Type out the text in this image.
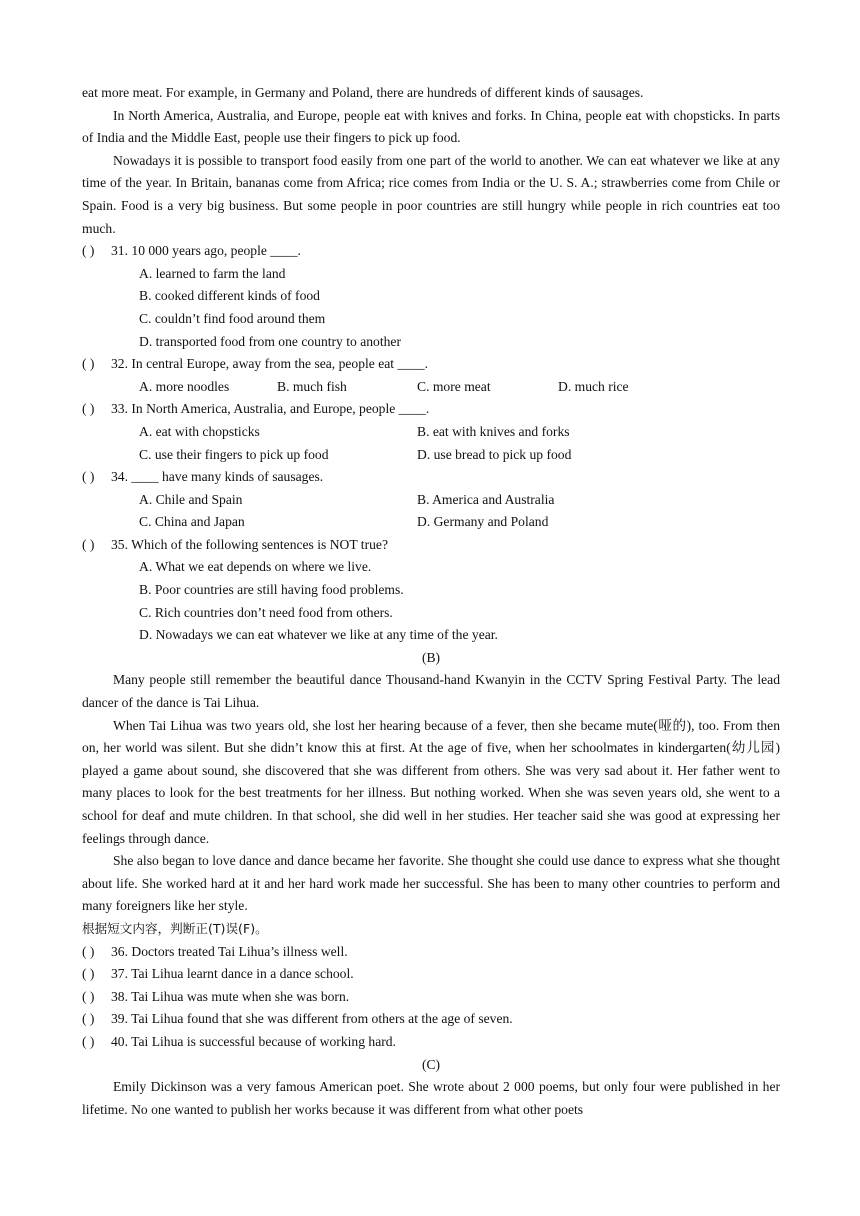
eat more meat. For example, in Germany and Poland, there are hundreds of different kinds of sausages.

In North America, Australia, and Europe, people eat with knives and forks. In China, people eat with chopsticks. In parts of India and the Middle East, people use their fingers to pick up food.

Nowadays it is possible to transport food easily from one part of the world to another. We can eat whatever we like at any time of the year. In Britain, bananas come from Africa; rice comes from India or the U. S. A.; strawberries come from Chile or Spain. Food is a very big business. But some people in poor countries are still hungry while people in rich countries eat too much.

( ) 31. 10 000 years ago, people ____.
A. learned to farm the land
B. cooked different kinds of food
C. couldn’t find food around them
D. transported food from one country to another
( ) 32. In central Europe, away from the sea, people eat ____.
A. more noodles	B. much fish	C. more meat	D. much rice
( ) 33. In North America, Australia, and Europe, people ____.
A. eat with chopsticks	B. eat with knives and forks
C. use their fingers to pick up food	D. use bread to pick up food
( ) 34. ____ have many kinds of sausages.
A. Chile and Spain	B. America and Australia
C. China and Japan	D. Germany and Poland
( ) 35. Which of the following sentences is NOT true?
A. What we eat depends on where we live.
B. Poor countries are still having food problems.
C. Rich countries don’t need food from others.
D. Nowadays we can eat whatever we like at any time of the year.

(B)

Many people still remember the beautiful dance Thousand-hand Kwanyin in the CCTV Spring Festival Party. The lead dancer of the dance is Tai Lihua.

When Tai Lihua was two years old, she lost her hearing because of a fever, then she became mute(哑的), too. From then on, her world was silent. But she didn’t know this at first. At the age of five, when her schoolmates in kindergarten(幼儿园) played a game about sound, she discovered that she was different from others. She was very sad about it. Her father went to many places to look for the best treatments for her illness. But nothing worked. When she was seven years old, she went to a school for deaf and mute children. In that school, she did well in her studies. Her teacher said she was good at expressing her feelings through dance.

She also began to love dance and dance became her favorite. She thought she could use dance to express what she thought about life. She worked hard at it and her hard work made her successful. She has been to many other countries to perform and many foreigners like her style.

根据短文内容，判断正(T)误(F)。

( ) 36. Doctors treated Tai Lihua’s illness well.
( ) 37. Tai Lihua learnt dance in a dance school.
( ) 38. Tai Lihua was mute when she was born.
( ) 39. Tai Lihua found that she was different from others at the age of seven.
( ) 40. Tai Lihua is successful because of working hard.

(C)

Emily Dickinson was a very famous American poet. She wrote about 2 000 poems, but only four were published in her lifetime. No one wanted to publish her works because it was different from what other poets
